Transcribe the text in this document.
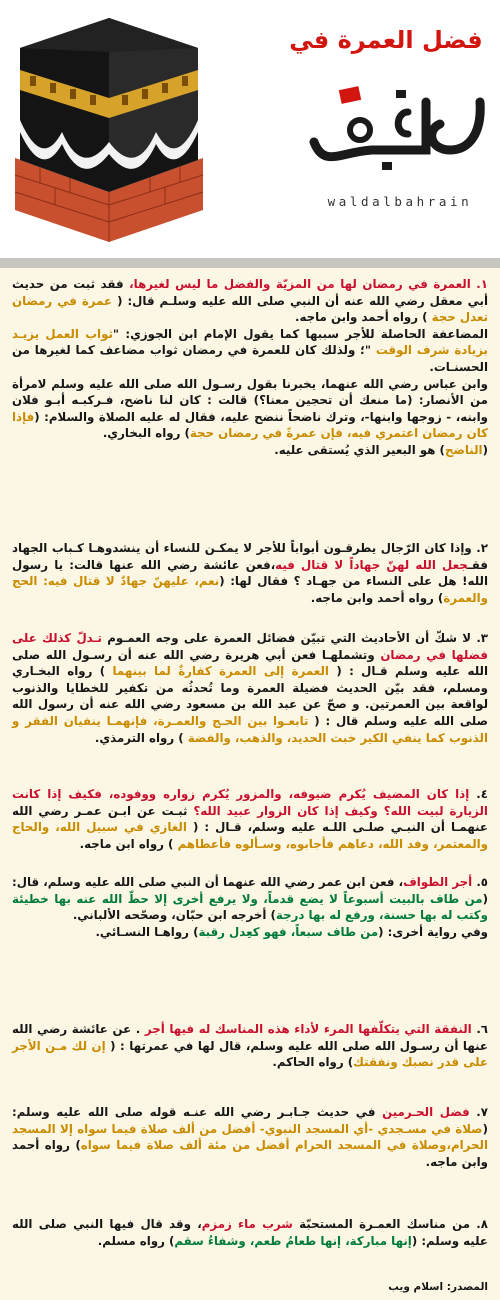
فضل العمرة في
waldalbahrain
١. العمرة في رمضان لها من المزيّة والفضل ما ليس لغيرها، فقد ثبت من حديث أبي معقل رضي الله عنه أن النبي صلى الله عليه وسلـم قال: ( عمرة في رمضان تعدل حجة ) رواه أحمد وابن ماجه.
المضاعفة الحاصلة للأجر سببها كما يقول الإمام ابن الجوزي: "ثواب العمل يزيـد بزيادة شرف الوقت "؛ ولذلك كان للعمرة في رمضان ثواب مضاعف كما لغيرها من الحسنـات.
وابن عباس رضي الله عنهما، يخبرنا بقول رسـول الله صلى الله عليه وسلم لامرأة من الأنصار: (ما منعك أن تحجين معنا؟) قالت : كان لنا ناضح، فـركبـه أبـو فلان وابنه، - زوجها وابنها-، وترك ناضحاً ننضح عليه، فقال له عليه الصلاة والسلام: (فإذا كان رمضان اعتمري فيه، فإن عمرةً في رمضان حجة) رواه البخاري.
(الناضح) هو البعير الذي يُستقى عليه.
٢. وإذا كان الرّجال يطرقـون أبواباً للأجر لا يمكـن للنساء أن ينشدوهـا كـباب الجهاد فقـجعل الله لهنّ جهاداً لا قتال فيه،فعن عائشة رضي الله عنها قالت: يا رسول الله! هل على النساء من جهـاد ؟ فقال لها: (نعم، عليهنّ جهادٌ لا قتال فيه: الحج والعمرة) رواه أحمد وابن ماجه.
٣. لا شكّ أن الأحاديث التي تبيّن فضائل العمرة على وجه العمـوم تـدلّ كذلك على فضلها في رمضان وتشملهـا فعن أبي هريرة رضي الله عنه أن رسـول الله صلى الله عليه وسلم قـال : ( العمرة إلى العمرة كفارةٌ لما بينهما ) رواه البخـاري ومسلم، فقد بيّن الحديث فضيلة العمرة وما تُحدثُه من تكفير للخطايا والذنوب لواقعة بين العمرتين. و صحّ عن عبد الله بن مسعود رضي الله عنه أن رسول الله صلى الله عليه وسلم قال : ( تابعـوا بين الحـج والعمـرة، فإنهمـا ينفيان الفقر و الذنوب كما ينفي الكير خبث الحديد، والذهب، والفضة ) رواه الترمذي.
٤. إذا كان المضيف يُكرم ضيوفه، والمزور يُكرم زواره ووفوده، فكيف إذا كانت الزيارة لبيت الله؟ وكيف إذا كان الزوار عبيد الله؟ ثبـت عن ابـن عمـر رضي الله عنهمـا أن النبـي صلـى اللـه عليه وسلم، قـال : ( الغازي في سبيل الله، والحاج والمعتمر، وفد الله، دعاهم فأجابوه، وسـألوه فأعطاهم ) رواه ابن ماجه.
٥. أجر الطواف، فعن ابن عمر رضي الله عنهما أن النبي صلى الله عليه وسلم، قال: (من طاف بالبيت أسبوعاً لا يضع قدماً، ولا يرفع أخرى إلا حطّ الله عنه بها خطيئة وكتب له بها حسنة، ورفع له بها درجة) أخرجه ابن حبّان، وصحّحه الألباني.
وفي رواية أخرى: (من طاف سبعاً، فهو كعِدل رقبة) رواهـا النسـائي.
٦. النفقة التي يتكلّفها المرء لأداء هذه المناسك له فيها أجر . عن عائشة رضي الله عنها أن رسـول الله صلى الله عليه وسلم، قال لها في عمرتها : ( إن لك مـن الأجر على قدر نصبك ونفقتك) رواه الحاكم.
٧. فضل الحـرمين في حديث جـابـر رضي الله عنـه قوله صلى الله عليه وسلم: (صلاة في مسـجدي -أي المسجد النبوي- أفضل من ألف صلاة فيما سواه إلا المسجد الحرام،وصلاة في المسجد الحرام أفضل من مئة ألف صلاة فيما سواه) رواه أحمد وابن ماجه.
٨. من مناسك العمـرة المستحبّة شرب ماء زمزم، وقد قال فيها النبي صلى الله عليه وسلم: (إنها مباركة، إنها طعامُ طعم، وشفاءُ سقم) رواه مسلم.
المصدر: اسلام ويب
